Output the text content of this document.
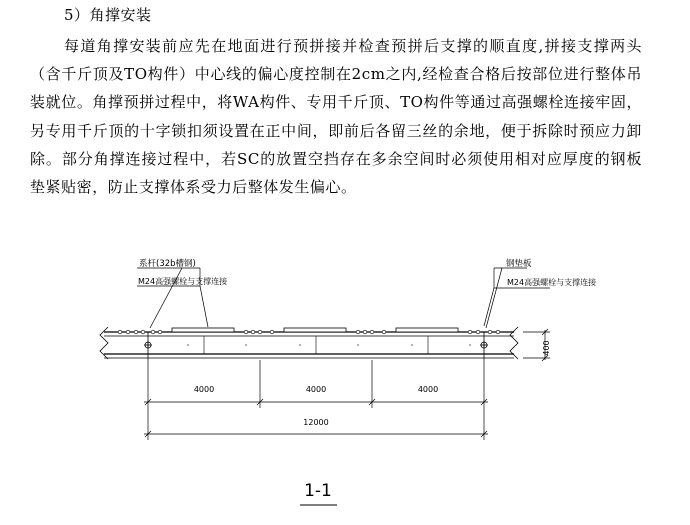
5）角撑安装
每道角撑安装前应先在地面进行预拼接并检查预拼后支撑的顺直度,拼接支撑两头（含千斤顶及TO构件）中心线的偏心度控制在2cm之内,经检查合格后按部位进行整体吊装就位。角撑预拼过程中，将WA构件、专用千斤顶、TO构件等通过高强螺栓连接牢固，另专用千斤顶的十字锁扣须设置在正中间，即前后各留三丝的余地，便于拆除时预应力卸除。部分角撑连接过程中，若SC的放置空挡存在多余空间时必须使用相对应厚度的钢板垫紧贴密，防止支撑体系受力后整体发生偏心。
系杆(32b槽钢)
M24高强螺栓与支撑连接
钢垫板
M24高强螺栓与支撑连接
400
4000	4000	4000
12000
1-1
